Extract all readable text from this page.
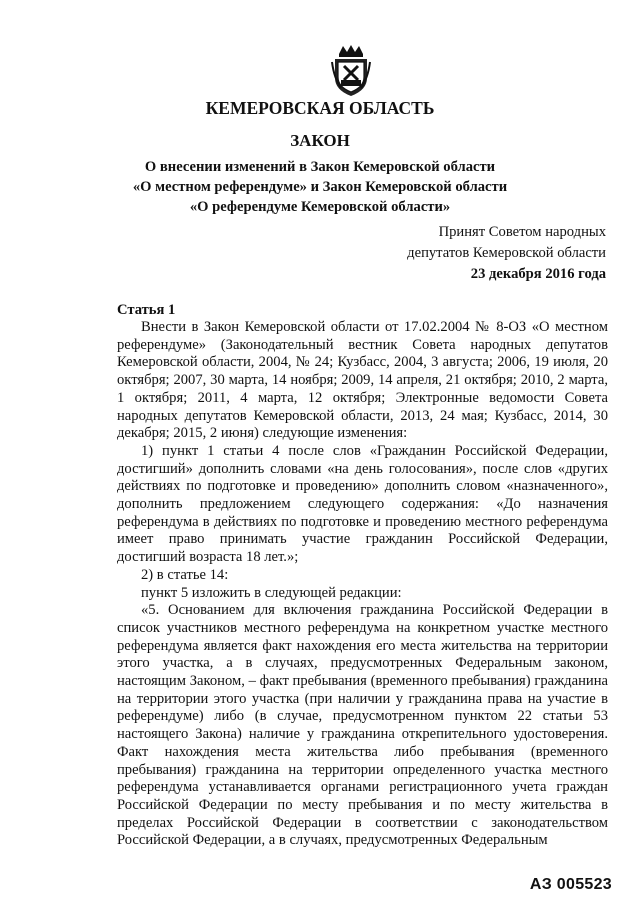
КЕМЕРОВСКАЯ ОБЛАСТЬ
ЗАКОН
О внесении изменений в Закон Кемеровской области
«О местном референдуме» и Закон Кемеровской области
«О референдуме Кемеровской области»
Принят Советом народных
депутатов Кемеровской области
23 декабря 2016 года
Статья 1

Внести в Закон Кемеровской области от 17.02.2004 № 8-ОЗ «О местном референдуме» (Законодательный вестник Совета народных депутатов Кемеровской области, 2004, № 24; Кузбасс, 2004, 3 августа; 2006, 19 июля, 20 октября; 2007, 30 марта, 14 ноября; 2009, 14 апреля, 21 октября; 2010, 2 марта, 1 октября; 2011, 4 марта, 12 октября; Электронные ведомости Совета народных депутатов Кемеровской области, 2013, 24 мая; Кузбасс, 2014, 30 декабря; 2015, 2 июня) следующие изменения:

1) пункт 1 статьи 4 после слов «Гражданин Российской Федерации, достигший» дополнить словами «на день голосования», после слов «других действиях по подготовке и проведению» дополнить словом «назначенного», дополнить предложением следующего содержания: «До назначения референдума в действиях по подготовке и проведению местного референдума имеет право принимать участие гражданин Российской Федерации, достигший возраста 18 лет.»;

2) в статье 14:

пункт 5 изложить в следующей редакции:

«5. Основанием для включения гражданина Российской Федерации в список участников местного референдума на конкретном участке местного референдума является факт нахождения его места жительства на территории этого участка, а в случаях, предусмотренных Федеральным законом, настоящим Законом, – факт пребывания (временного пребывания) гражданина на территории этого участка (при наличии у гражданина права на участие в референдуме) либо (в случае, предусмотренном пунктом 22 статьи 53 настоящего Закона) наличие у гражданина открепительного удостоверения. Факт нахождения места жительства либо пребывания (временного пребывания) гражданина на территории определенного участка местного референдума устанавливается органами регистрационного учета граждан Российской Федерации по месту пребывания и по месту жительства в пределах Российской Федерации в соответствии с законодательством Российской Федерации, а в случаях, предусмотренных Федеральным

АЗ 005523
